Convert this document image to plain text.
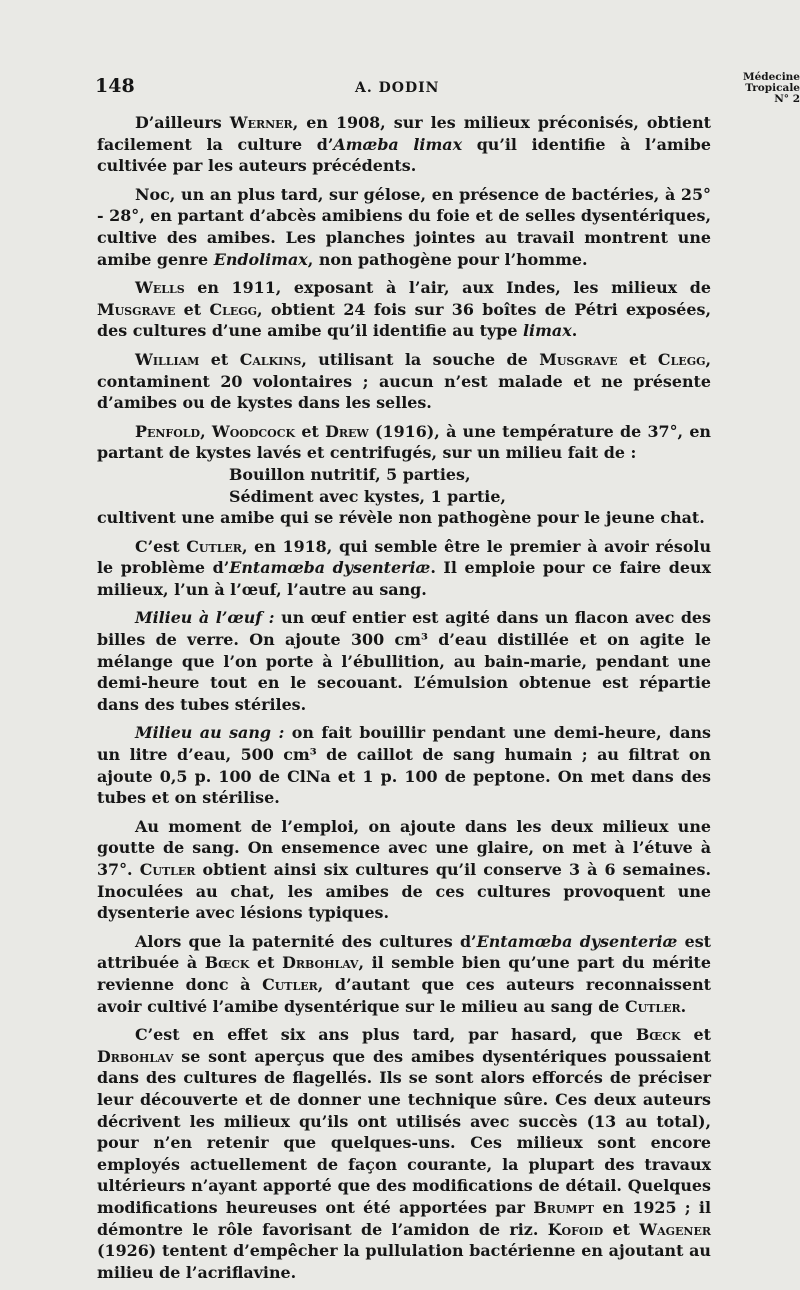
148	A. DODIN
Médecine
Tropicale
N° 2

D’ailleurs Werner, en 1908, sur les milieux préconisés, obtient facilement la culture d’Amæba limax qu’il identifie à l’amibe cultivée par les auteurs précédents.

Noc, un an plus tard, sur gélose, en présence de bactéries, à 25° - 28°, en partant d’abcès amibiens du foie et de selles dysentériques, cultive des amibes. Les planches jointes au travail montrent une amibe genre Endolimax, non pathogène pour l’homme.

Wells en 1911, exposant à l’air, aux Indes, les milieux de Musgrave et Clegg, obtient 24 fois sur 36 boîtes de Pétri exposées, des cultures d’une amibe qu’il identifie au type limax.

William et Calkins, utilisant la souche de Musgrave et Clegg, contaminent 20 volontaires ; aucun n’est malade et ne présente d’amibes ou de kystes dans les selles.

Penfold, Woodcock et Drew (1916), à une température de 37°, en partant de kystes lavés et centrifugés, sur un milieu fait de :

Bouillon nutritif, 5 parties,
Sédiment avec kystes, 1 partie,

cultivent une amibe qui se révèle non pathogène pour le jeune chat.

C’est Cutler, en 1918, qui semble être le premier à avoir résolu le problème d’Entamœba dysenteriæ. Il emploie pour ce faire deux milieux, l’un à l’œuf, l’autre au sang.

Milieu à l’œuf : un œuf entier est agité dans un flacon avec des billes de verre. On ajoute 300 cm³ d’eau distillée et on agite le mélange que l’on porte à l’ébullition, au bain-marie, pendant une demi-heure tout en le secouant. L’émulsion obtenue est répartie dans des tubes stériles.

Milieu au sang : on fait bouillir pendant une demi-heure, dans un litre d’eau, 500 cm³ de caillot de sang humain ; au filtrat on ajoute 0,5 p. 100 de ClNa et 1 p. 100 de peptone. On met dans des tubes et on stérilise.

Au moment de l’emploi, on ajoute dans les deux milieux une goutte de sang. On ensemence avec une glaire, on met à l’étuve à 37°. Cutler obtient ainsi six cultures qu’il conserve 3 à 6 semaines. Inoculées au chat, les amibes de ces cultures provoquent une dysenterie avec lésions typiques.

Alors que la paternité des cultures d’Entamœba dysenteriæ est attribuée à Bœck et Drbohlav, il semble bien qu’une part du mérite revienne donc à Cutler, d’autant que ces auteurs reconnaissent avoir cultivé l’amibe dysentérique sur le milieu au sang de Cutler.

C’est en effet six ans plus tard, par hasard, que Bœck et Drbohlav se sont aperçus que des amibes dysentériques poussaient dans des cultures de flagellés. Ils se sont alors efforcés de préciser leur découverte et de donner une technique sûre. Ces deux auteurs décrivent les milieux qu’ils ont utilisés avec succès (13 au total), pour n’en retenir que quelques-uns. Ces milieux sont encore employés actuellement de façon courante, la plupart des travaux ultérieurs n’ayant apporté que des modifications de détail. Quelques modifications heureuses ont été apportées par Brumpt en 1925 ; il démontre le rôle favorisant de l’amidon de riz. Kofoid et Wagener (1926) tentent d’empêcher la pullulation bactérienne en ajoutant au milieu de l’acriflavine.
